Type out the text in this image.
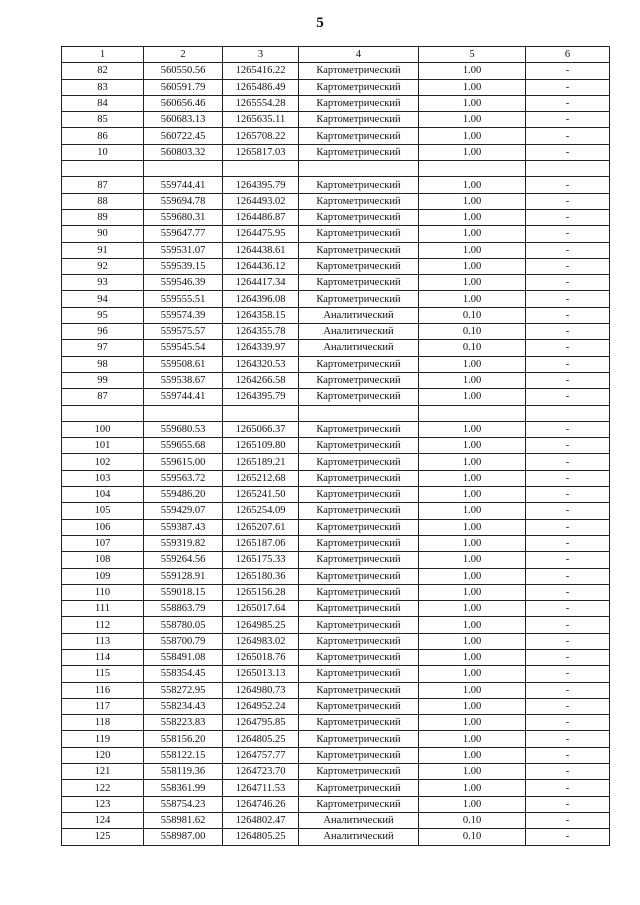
5
1	2	3	4	5	6
82	560550.56	1265416.22	Картометрический	1.00	-
83	560591.79	1265486.49	Картометрический	1.00	-
84	560656.46	1265554.28	Картометрический	1.00	-
85	560683.13	1265635.11	Картометрический	1.00	-
86	560722.45	1265708.22	Картометрический	1.00	-
10	560803.32	1265817.03	Картометрический	1.00	-

87	559744.41	1264395.79	Картометрический	1.00	-
88	559694.78	1264493.02	Картометрический	1.00	-
89	559680.31	1264486.87	Картометрический	1.00	-
90	559647.77	1264475.95	Картометрический	1.00	-
91	559531.07	1264438.61	Картометрический	1.00	-
92	559539.15	1264436.12	Картометрический	1.00	-
93	559546.39	1264417.34	Картометрический	1.00	-
94	559555.51	1264396.08	Картометрический	1.00	-
95	559574.39	1264358.15	Аналитический	0.10	-
96	559575.57	1264355.78	Аналитический	0.10	-
97	559545.54	1264339.97	Аналитический	0.10	-
98	559508.61	1264320.53	Картометрический	1.00	-
99	559538.67	1264266.58	Картометрический	1.00	-
87	559744.41	1264395.79	Картометрический	1.00	-

100	559680.53	1265066.37	Картометрический	1.00	-
101	559655.68	1265109.80	Картометрический	1.00	-
102	559615.00	1265189.21	Картометрический	1.00	-
103	559563.72	1265212.68	Картометрический	1.00	-
104	559486.20	1265241.50	Картометрический	1.00	-
105	559429.07	1265254.09	Картометрический	1.00	-
106	559387.43	1265207.61	Картометрический	1.00	-
107	559319.82	1265187.06	Картометрический	1.00	-
108	559264.56	1265175.33	Картометрический	1.00	-
109	559128.91	1265180.36	Картометрический	1.00	-
110	559018.15	1265156.28	Картометрический	1.00	-
111	558863.79	1265017.64	Картометрический	1.00	-
112	558780.05	1264985.25	Картометрический	1.00	-
113	558700.79	1264983.02	Картометрический	1.00	-
114	558491.08	1265018.76	Картометрический	1.00	-
115	558354.45	1265013.13	Картометрический	1.00	-
116	558272.95	1264980.73	Картометрический	1.00	-
117	558234.43	1264952.24	Картометрический	1.00	-
118	558223.83	1264795.85	Картометрический	1.00	-
119	558156.20	1264805.25	Картометрический	1.00	-
120	558122.15	1264757.77	Картометрический	1.00	-
121	558119.36	1264723.70	Картометрический	1.00	-
122	558361.99	1264711.53	Картометрический	1.00	-
123	558754.23	1264746.26	Картометрический	1.00	-
124	558981.62	1264802.47	Аналитический	0.10	-
125	558987.00	1264805.25	Аналитический	0.10	-
